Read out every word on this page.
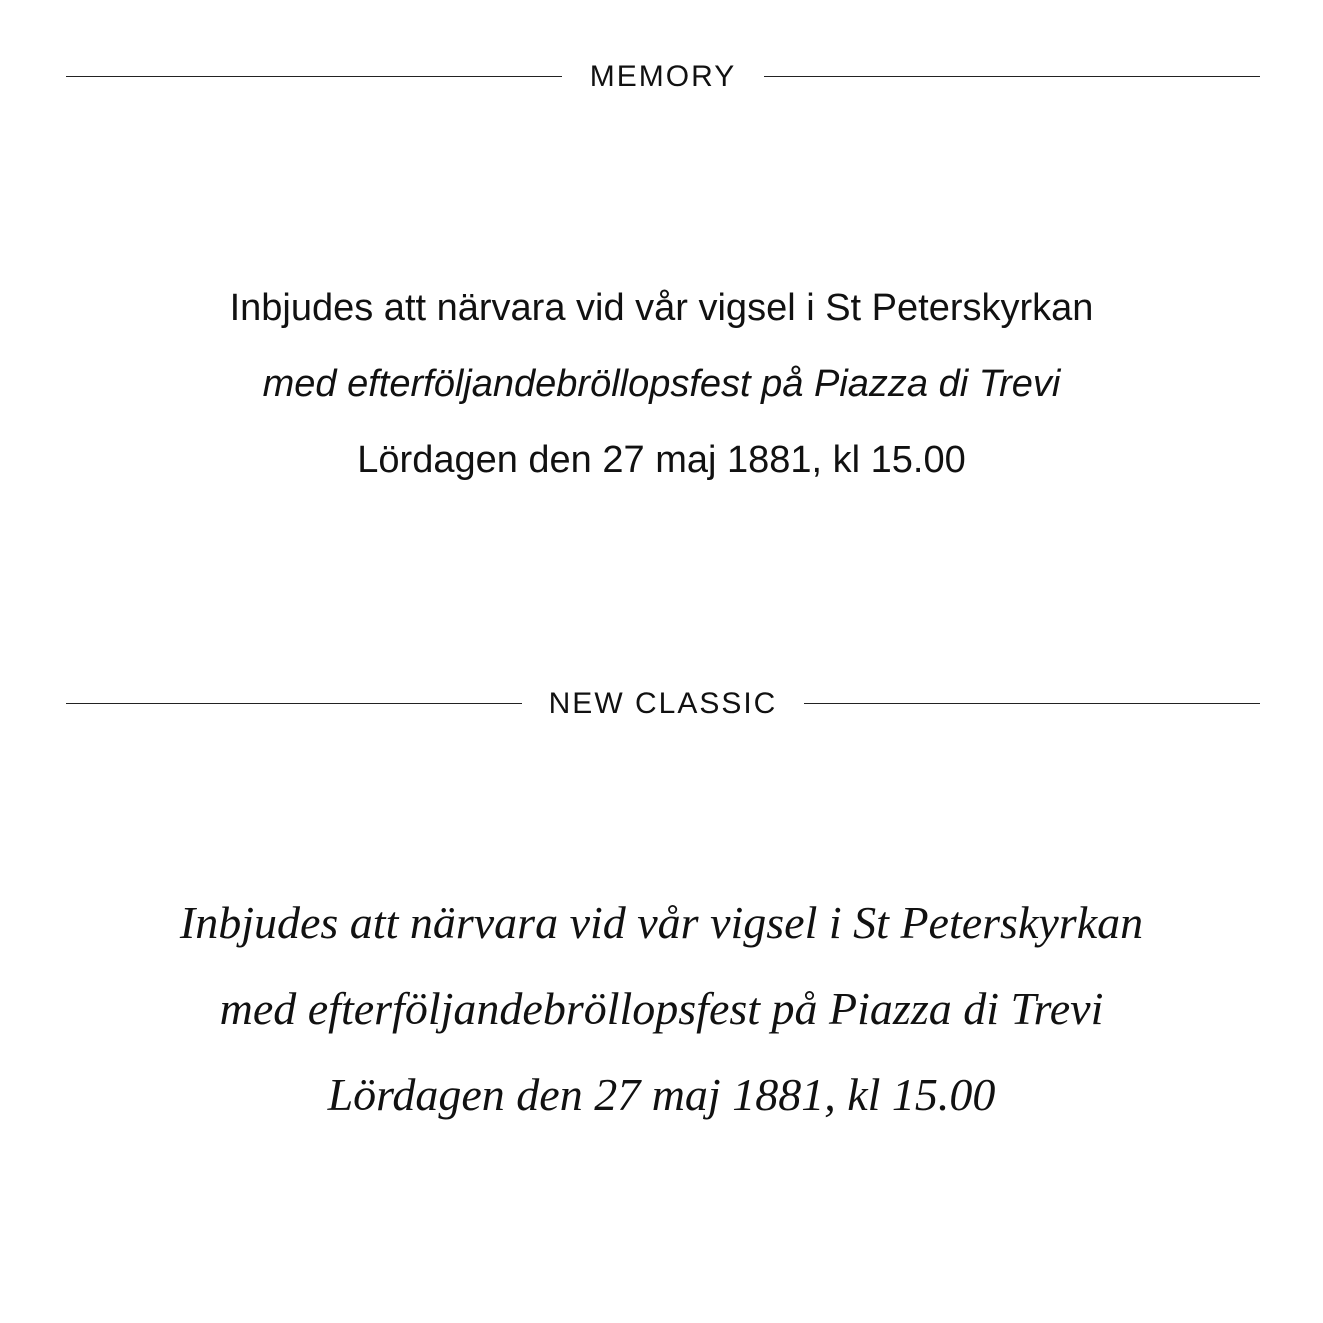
MEMORY
Inbjudes att närvara vid vår vigsel i St Peterskyrkan
med efterföljandebröllopsfest på Piazza di Trevi
Lördagen den 27 maj 1881, kl 15.00
NEW CLASSIC
Inbjudes att närvara vid vår vigsel i St Peterskyrkan
med efterföljandebröllopsfest på Piazza di Trevi
Lördagen den 27 maj 1881, kl 15.00
